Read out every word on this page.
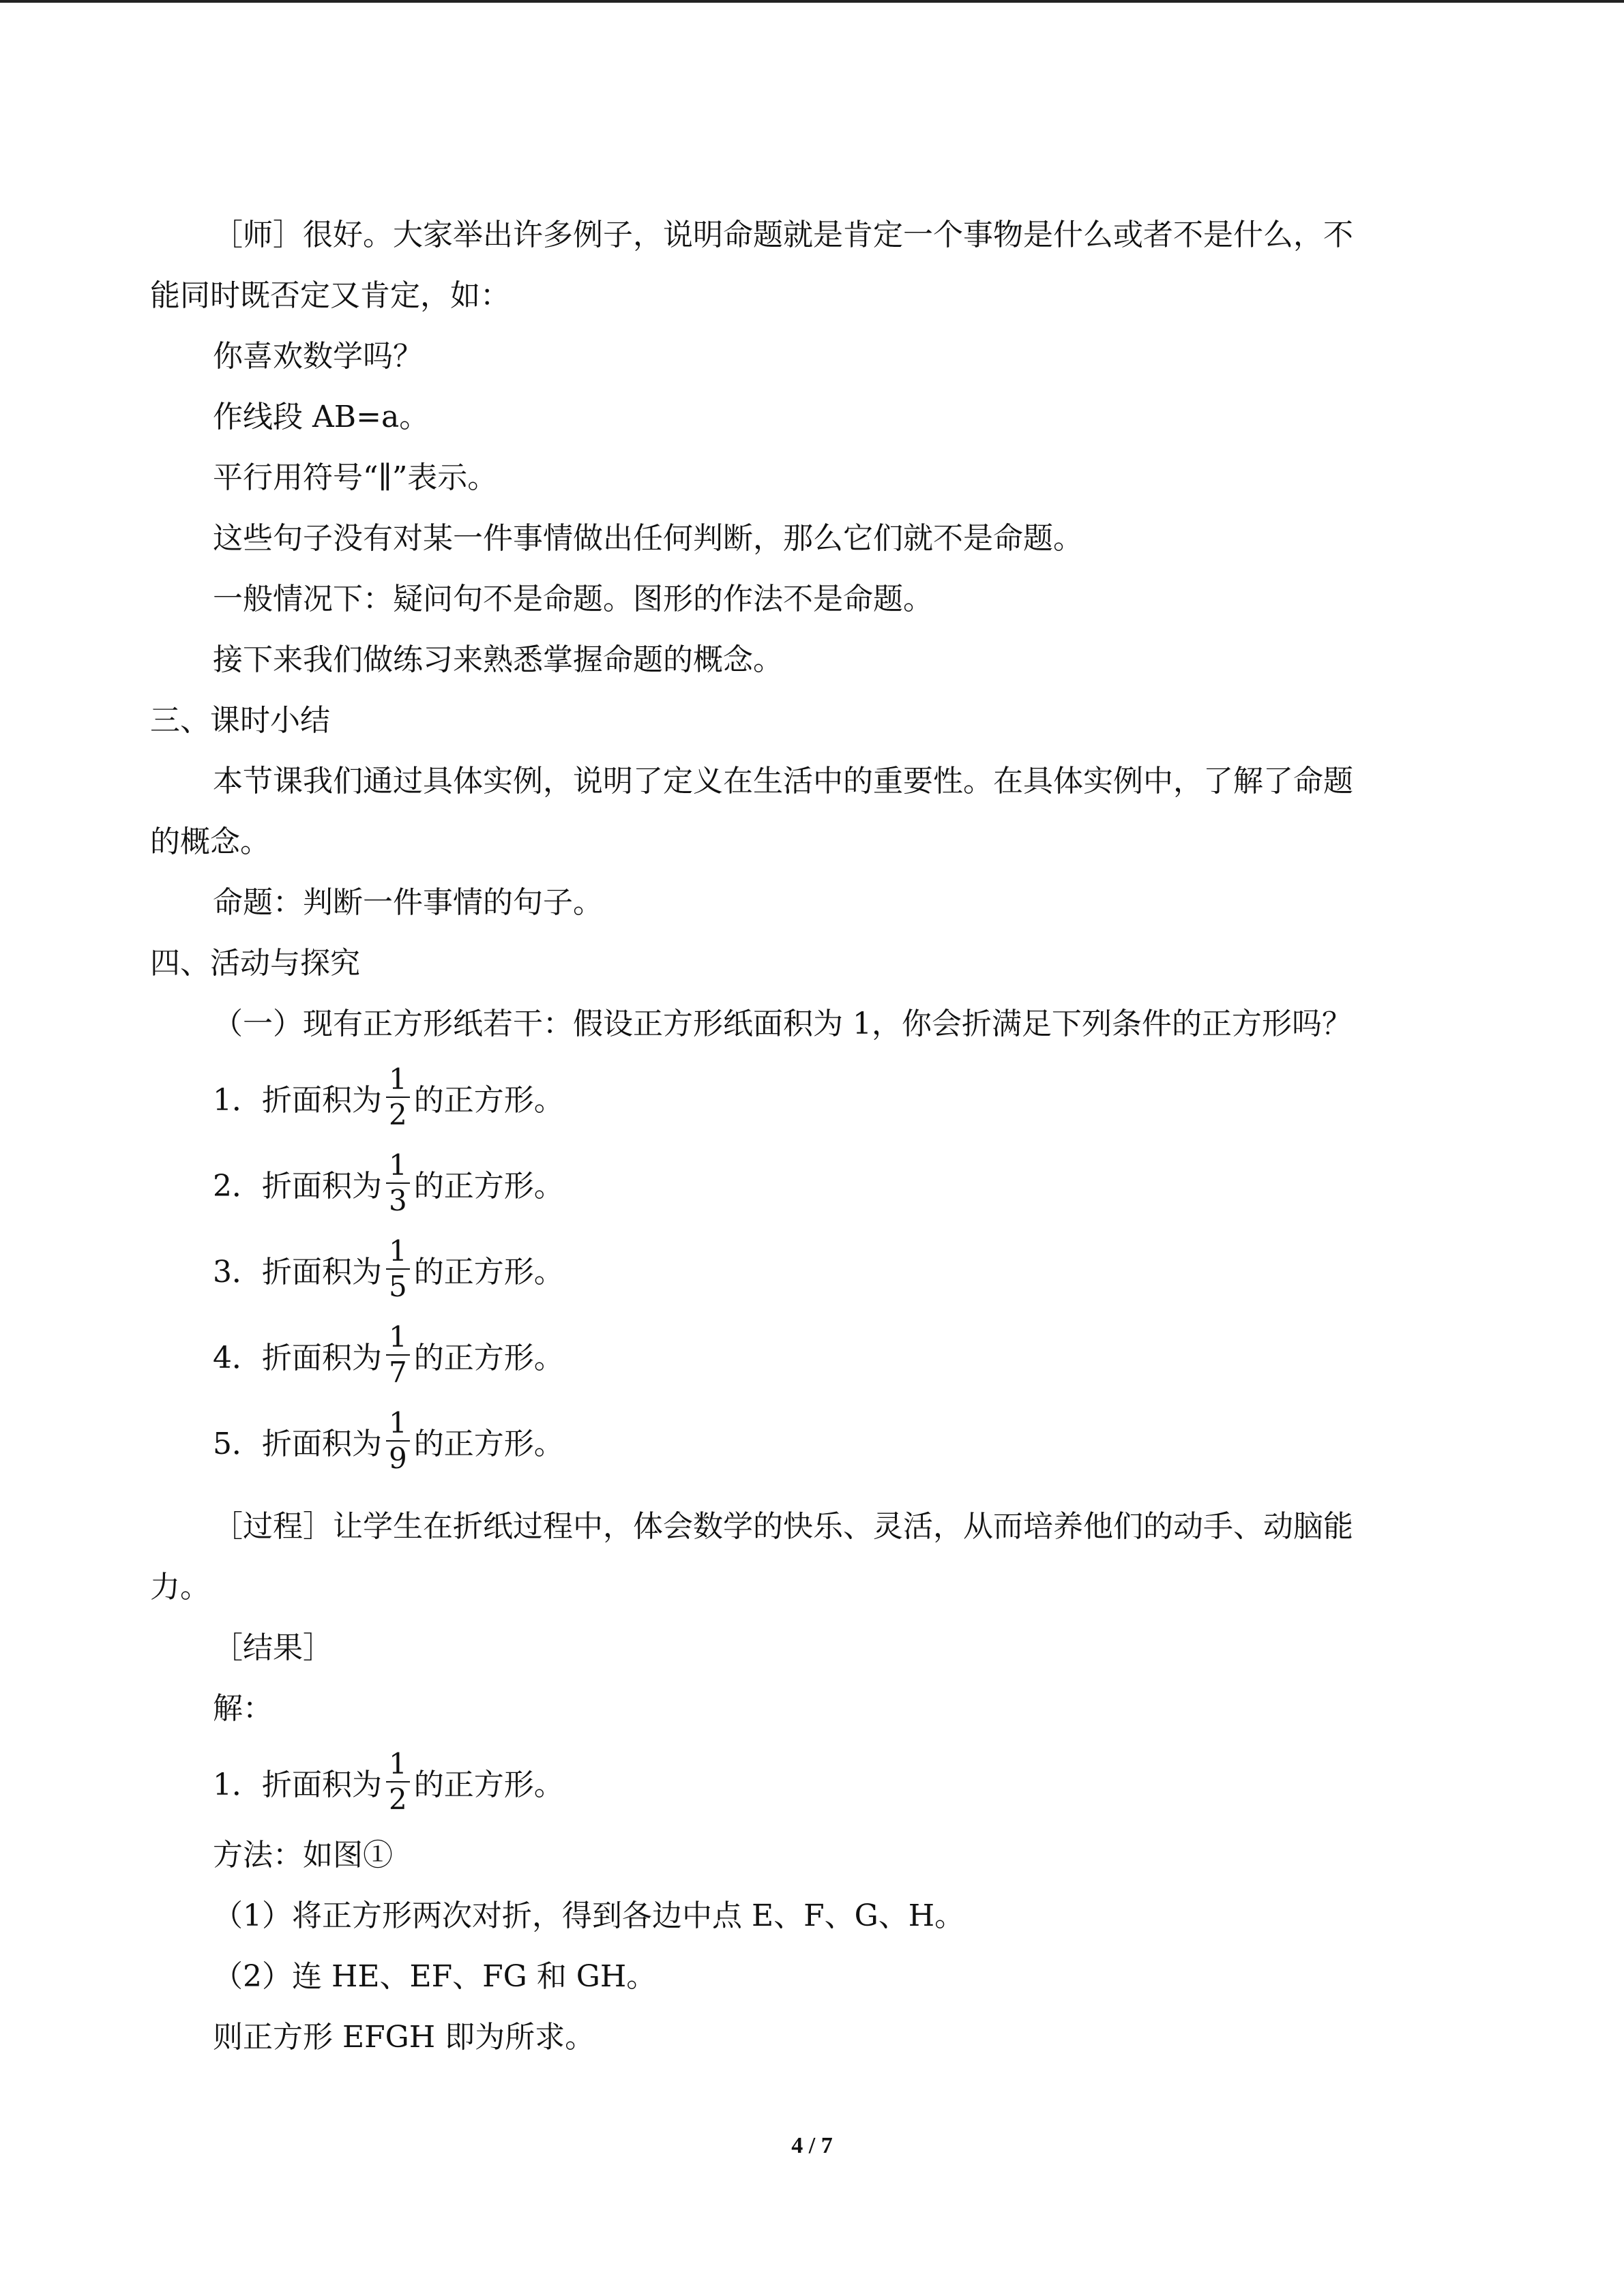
［师］很好。大家举出许多例子，说明命题就是肯定一个事物是什么或者不是什么，不
能同时既否定又肯定，如：
你喜欢数学吗？
作线段 AB=a。
平行用符号“∥”表示。
这些句子没有对某一件事情做出任何判断，那么它们就不是命题。
一般情况下：疑问句不是命题。图形的作法不是命题。
接下来我们做练习来熟悉掌握命题的概念。
三、课时小结
本节课我们通过具体实例，说明了定义在生活中的重要性。在具体实例中，了解了命题
的概念。
命题：判断一件事情的句子。
四、活动与探究
（一）现有正方形纸若干：假设正方形纸面积为 1，你会折满足下列条件的正方形吗？
1．折面积为 $\frac{1}{2}$ 的正方形。
2．折面积为 $\frac{1}{3}$ 的正方形。
3．折面积为 $\frac{1}{5}$ 的正方形。
4．折面积为 $\frac{1}{7}$ 的正方形。
5．折面积为 $\frac{1}{9}$ 的正方形。
［过程］让学生在折纸过程中，体会数学的快乐、灵活，从而培养他们的动手、动脑能
力。
［结果］
解：
1．折面积为 $\frac{1}{2}$ 的正方形。
方法：如图①
（1）将正方形两次对折，得到各边中点 E、F、G、H。
（2）连 HE、EF、FG 和 GH。
则正方形 EFGH 即为所求。
4 / 7
